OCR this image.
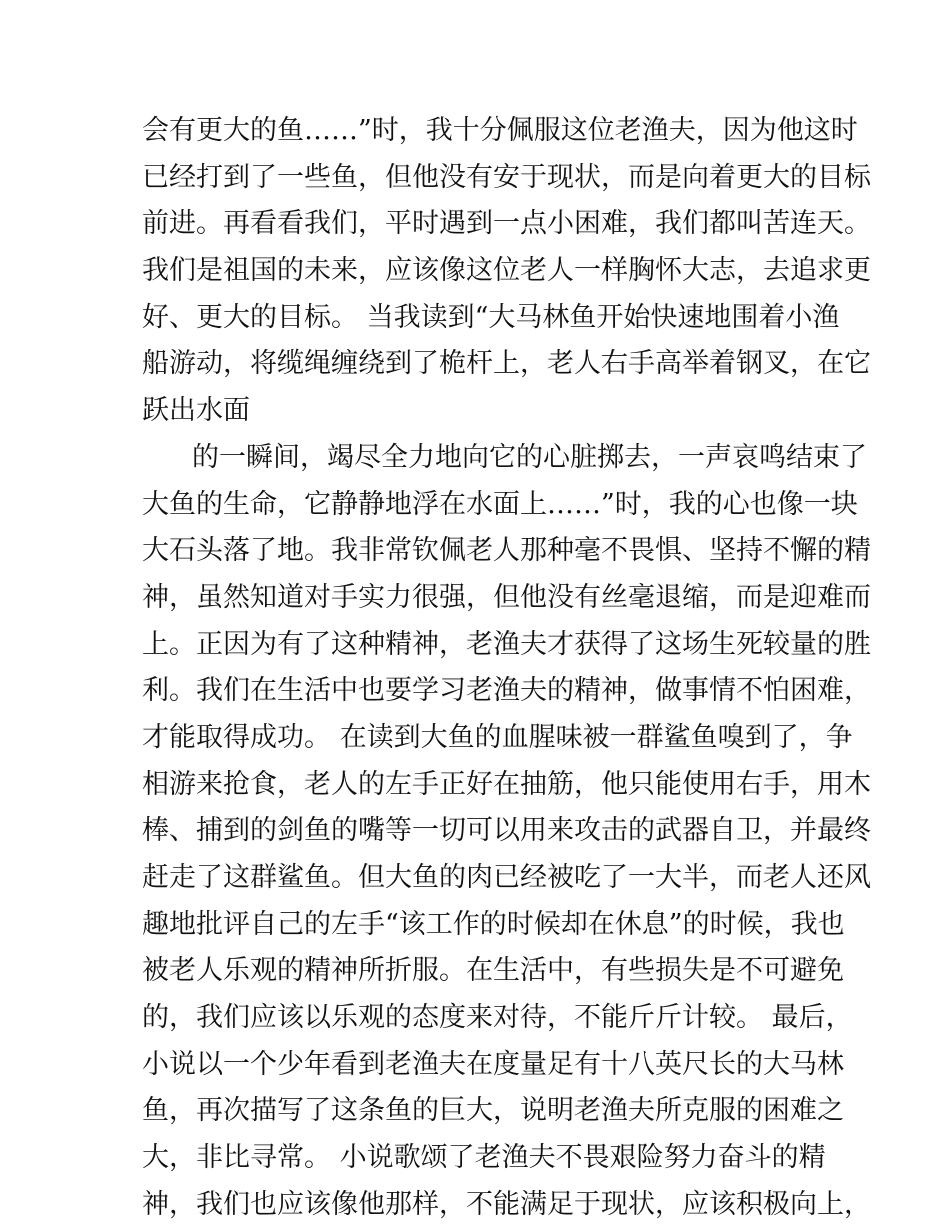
会有更大的鱼……”时，我十分佩服这位老渔夫，因为他这时
已经打到了一些鱼，但他没有安于现状，而是向着更大的目标
前进。再看看我们，平时遇到一点小困难，我们都叫苦连天。
我们是祖国的未来，应该像这位老人一样胸怀大志，去追求更
好、更大的目标。 当我读到“大马林鱼开始快速地围着小渔
船游动，将缆绳缠绕到了桅杆上，老人右手高举着钢叉，在它
跃出水面
的一瞬间，竭尽全力地向它的心脏掷去，一声哀鸣结束了
大鱼的生命，它静静地浮在水面上……”时，我的心也像一块
大石头落了地。我非常钦佩老人那种毫不畏惧、坚持不懈的精
神，虽然知道对手实力很强，但他没有丝毫退缩，而是迎难而
上。正因为有了这种精神，老渔夫才获得了这场生死较量的胜
利。我们在生活中也要学习老渔夫的精神，做事情不怕困难，
才能取得成功。 在读到大鱼的血腥味被一群鲨鱼嗅到了，争
相游来抢食，老人的左手正好在抽筋，他只能使用右手，用木
棒、捕到的剑鱼的嘴等一切可以用来攻击的武器自卫，并最终
赶走了这群鲨鱼。但大鱼的肉已经被吃了一大半，而老人还风
趣地批评自己的左手“该工作的时候却在休息”的时候，我也
被老人乐观的精神所折服。在生活中，有些损失是不可避免
的，我们应该以乐观的态度来对待，不能斤斤计较。 最后，
小说以一个少年看到老渔夫在度量足有十八英尺长的大马林
鱼，再次描写了这条鱼的巨大，说明老渔夫所克服的困难之
大，非比寻常。 小说歌颂了老渔夫不畏艰险努力奋斗的精
神，我们也应该像他那样，不能满足于现状，应该积极向上，
